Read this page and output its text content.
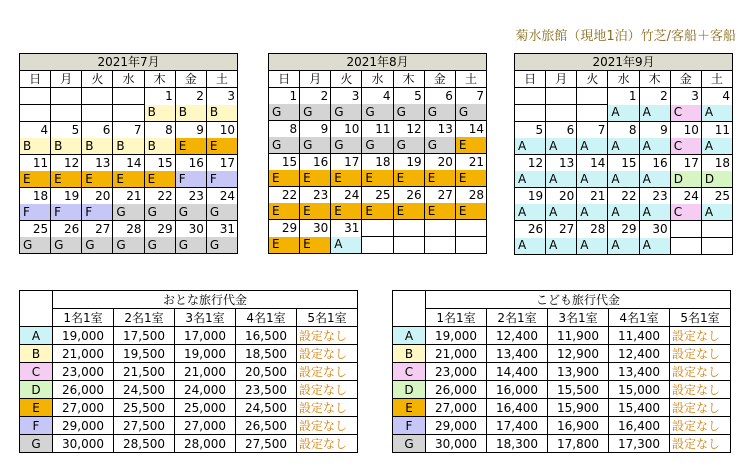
菊水旅館（現地1泊）竹芝/客船＋客船
2021年7月						
日	月	火	水	木	金	土
				1	2	3
				B	B	B
4	5	6	7	8	9	10
B	B	B	B	B	E	E
11	12	13	14	15	16	17
E	E	E	E	E	F	F
18	19	20	21	22	23	24
F	F	F	G	G	G	G
25	26	27	28	29	30	31
G	G	G	G	G	G	G
2021年8月						
日	月	火	水	木	金	土
1	2	3	4	5	6	7
G	G	G	G	G	G	G
8	9	10	11	12	13	14
G	G	G	G	G	G	E
15	16	17	18	19	20	21
E	E	E	E	E	E	E
22	23	24	25	26	27	28
E	E	E	E	E	E	E
29	30	31				
E	E	A				
2021年9月						
日	月	火	水	木	金	土
			1	2	3	4
			A	A	C	A
5	6	7	8	9	10	11
A	A	A	A	A	C	A
12	13	14	15	16	17	18
A	A	A	A	A	D	D
19	20	21	22	23	24	25
A	A	A	A	A	C	A
26	27	28	29	30		
A	A	A	A	A		
	おとな旅行代金				
	1名1室	2名1室	3名1室	4名1室	5名1室
A	19,000	17,500	17,000	16,500	設定なし
B	21,000	19,500	19,000	18,500	設定なし
C	23,000	21,500	21,000	20,500	設定なし
D	26,000	24,500	24,000	23,500	設定なし
E	27,000	25,500	25,000	24,500	設定なし
F	29,000	27,500	27,000	26,500	設定なし
G	30,000	28,500	28,000	27,500	設定なし
	こども旅行代金				
	1名1室	2名1室	3名1室	4名1室	5名1室
A	19,000	12,400	11,900	11,400	設定なし
B	21,000	13,400	12,900	12,400	設定なし
C	23,000	14,400	13,900	13,400	設定なし
D	26,000	16,000	15,500	15,000	設定なし
E	27,000	16,400	15,900	15,400	設定なし
F	29,000	17,400	16,900	16,400	設定なし
G	30,000	18,300	17,800	17,300	設定なし
